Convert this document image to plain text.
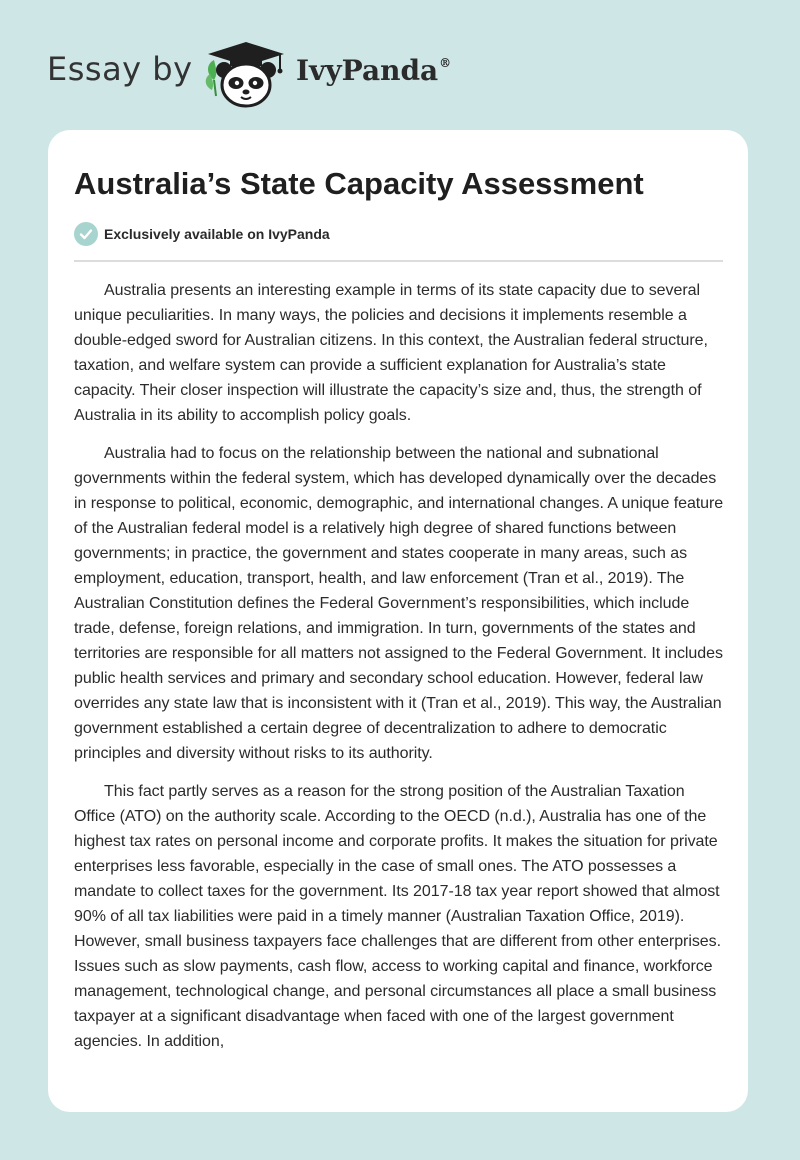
Essay by	IvyPanda®
Australia’s State Capacity Assessment
Exclusively available on IvyPanda

Australia presents an interesting example in terms of its state capacity due to several unique peculiarities. In many ways, the policies and decisions it implements resemble a double-edged sword for Australian citizens. In this context, the Australian federal structure, taxation, and welfare system can provide a sufficient explanation for Australia’s state capacity. Their closer inspection will illustrate the capacity’s size and, thus, the strength of Australia in its ability to accomplish policy goals.

Australia had to focus on the relationship between the national and subnational governments within the federal system, which has developed dynamically over the decades in response to political, economic, demographic, and international changes. A unique feature of the Australian federal model is a relatively high degree of shared functions between governments; in practice, the government and states cooperate in many areas, such as employment, education, transport, health, and law enforcement (Tran et al., 2019). The Australian Constitution defines the Federal Government’s responsibilities, which include trade, defense, foreign relations, and immigration. In turn, governments of the states and territories are responsible for all matters not assigned to the Federal Government. It includes public health services and primary and secondary school education. However, federal law overrides any state law that is inconsistent with it (Tran et al., 2019). This way, the Australian government established a certain degree of decentralization to adhere to democratic principles and diversity without risks to its authority.

This fact partly serves as a reason for the strong position of the Australian Taxation Office (ATO) on the authority scale. According to the OECD (n.d.), Australia has one of the highest tax rates on personal income and corporate profits. It makes the situation for private enterprises less favorable, especially in the case of small ones. The ATO possesses a mandate to collect taxes for the government. Its 2017-18 tax year report showed that almost 90% of all tax liabilities were paid in a timely manner (Australian Taxation Office, 2019). However, small business taxpayers face challenges that are different from other enterprises. Issues such as slow payments, cash flow, access to working capital and finance, workforce management, technological change, and personal circumstances all place a small business taxpayer at a significant disadvantage when faced with one of the largest government agencies. In addition,
